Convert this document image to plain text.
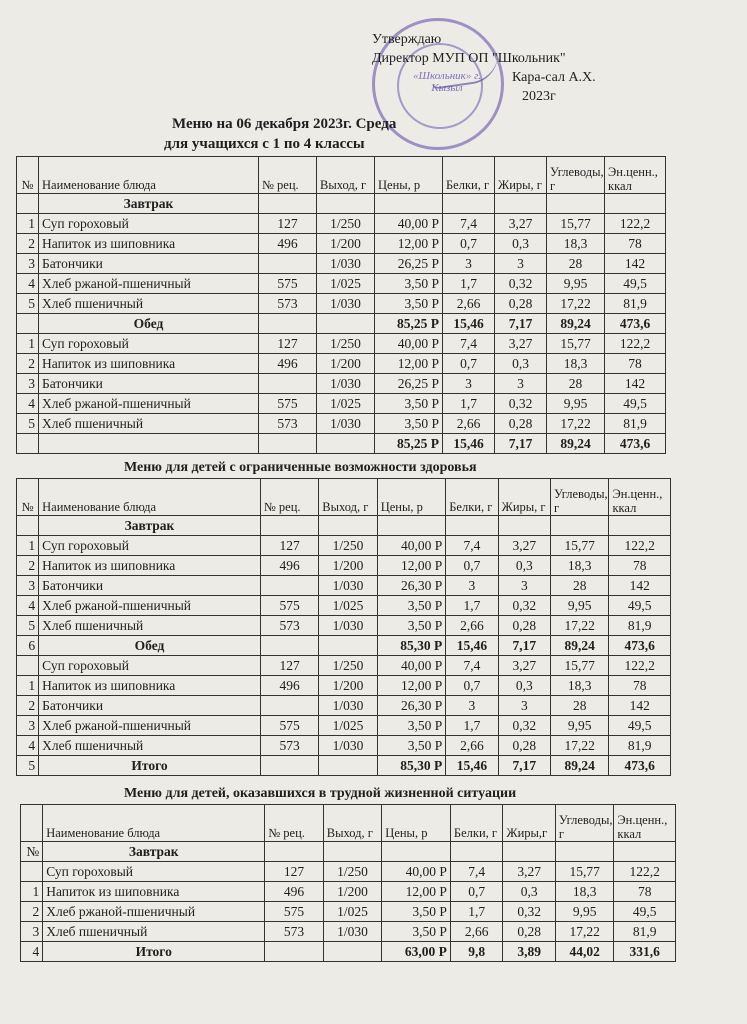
«Школьник» г. Кызыл
Утверждаю
Директор МУП ОП "Школьник"
Кара-сал А.Х.
2023г
Меню на 06 декабря 2023г. Среда
для учащихся с 1 по 4 классы
№	Наименование блюда	№ рец.	Выход, г	Цены, р	Белки, г	Жиры, г	Углеводы, г	Эн.ценн., ккал
	Завтрак							
1	Суп гороховый	127	1/250	40,00 Р	7,4	3,27	15,77	122,2
2	Напиток из шиповника	496	1/200	12,00 Р	0,7	0,3	18,3	78
3	Батончики		1/030	26,25 Р	3	3	28	142
4	Хлеб ржаной-пшеничный	575	1/025	3,50 Р	1,7	0,32	9,95	49,5
5	Хлеб пшеничный	573	1/030	3,50 Р	2,66	0,28	17,22	81,9
	Обед			85,25 Р	15,46	7,17	89,24	473,6
1	Суп гороховый	127	1/250	40,00 Р	7,4	3,27	15,77	122,2
2	Напиток из шиповника	496	1/200	12,00 Р	0,7	0,3	18,3	78
3	Батончики		1/030	26,25 Р	3	3	28	142
4	Хлеб ржаной-пшеничный	575	1/025	3,50 Р	1,7	0,32	9,95	49,5
5	Хлеб пшеничный	573	1/030	3,50 Р	2,66	0,28	17,22	81,9
				85,25 Р	15,46	7,17	89,24	473,6
Меню для детей с ограниченные возможности здоровья
№	Наименование блюда	№ рец.	Выход, г	Цены, р	Белки, г	Жиры, г	Углеводы, г	Эн.ценн., ккал
	Завтрак							
1	Суп гороховый	127	1/250	40,00 Р	7,4	3,27	15,77	122,2
2	Напиток из шиповника	496	1/200	12,00 Р	0,7	0,3	18,3	78
3	Батончики		1/030	26,30 Р	3	3	28	142
4	Хлеб ржаной-пшеничный	575	1/025	3,50 Р	1,7	0,32	9,95	49,5
5	Хлеб пшеничный	573	1/030	3,50 Р	2,66	0,28	17,22	81,9
6	Обед			85,30 Р	15,46	7,17	89,24	473,6
	Суп гороховый	127	1/250	40,00 Р	7,4	3,27	15,77	122,2
1	Напиток из шиповника	496	1/200	12,00 Р	0,7	0,3	18,3	78
2	Батончики		1/030	26,30 Р	3	3	28	142
3	Хлеб ржаной-пшеничный	575	1/025	3,50 Р	1,7	0,32	9,95	49,5
4	Хлеб пшеничный	573	1/030	3,50 Р	2,66	0,28	17,22	81,9
5	Итого			85,30 Р	15,46	7,17	89,24	473,6
Меню для детей, оказавшихся в трудной жизненной ситуации
	Наименование блюда	№ рец.	Выход, г	Цены, р	Белки, г	Жиры,г	Углеводы, г	Эн.ценн., ккал
№	Завтрак							
	Суп гороховый	127	1/250	40,00 Р	7,4	3,27	15,77	122,2
1	Напиток из шиповника	496	1/200	12,00 Р	0,7	0,3	18,3	78
2	Хлеб ржаной-пшеничный	575	1/025	3,50 Р	1,7	0,32	9,95	49,5
3	Хлеб пшеничный	573	1/030	3,50 Р	2,66	0,28	17,22	81,9
4	Итого			63,00 Р	9,8	3,89	44,02	331,6
